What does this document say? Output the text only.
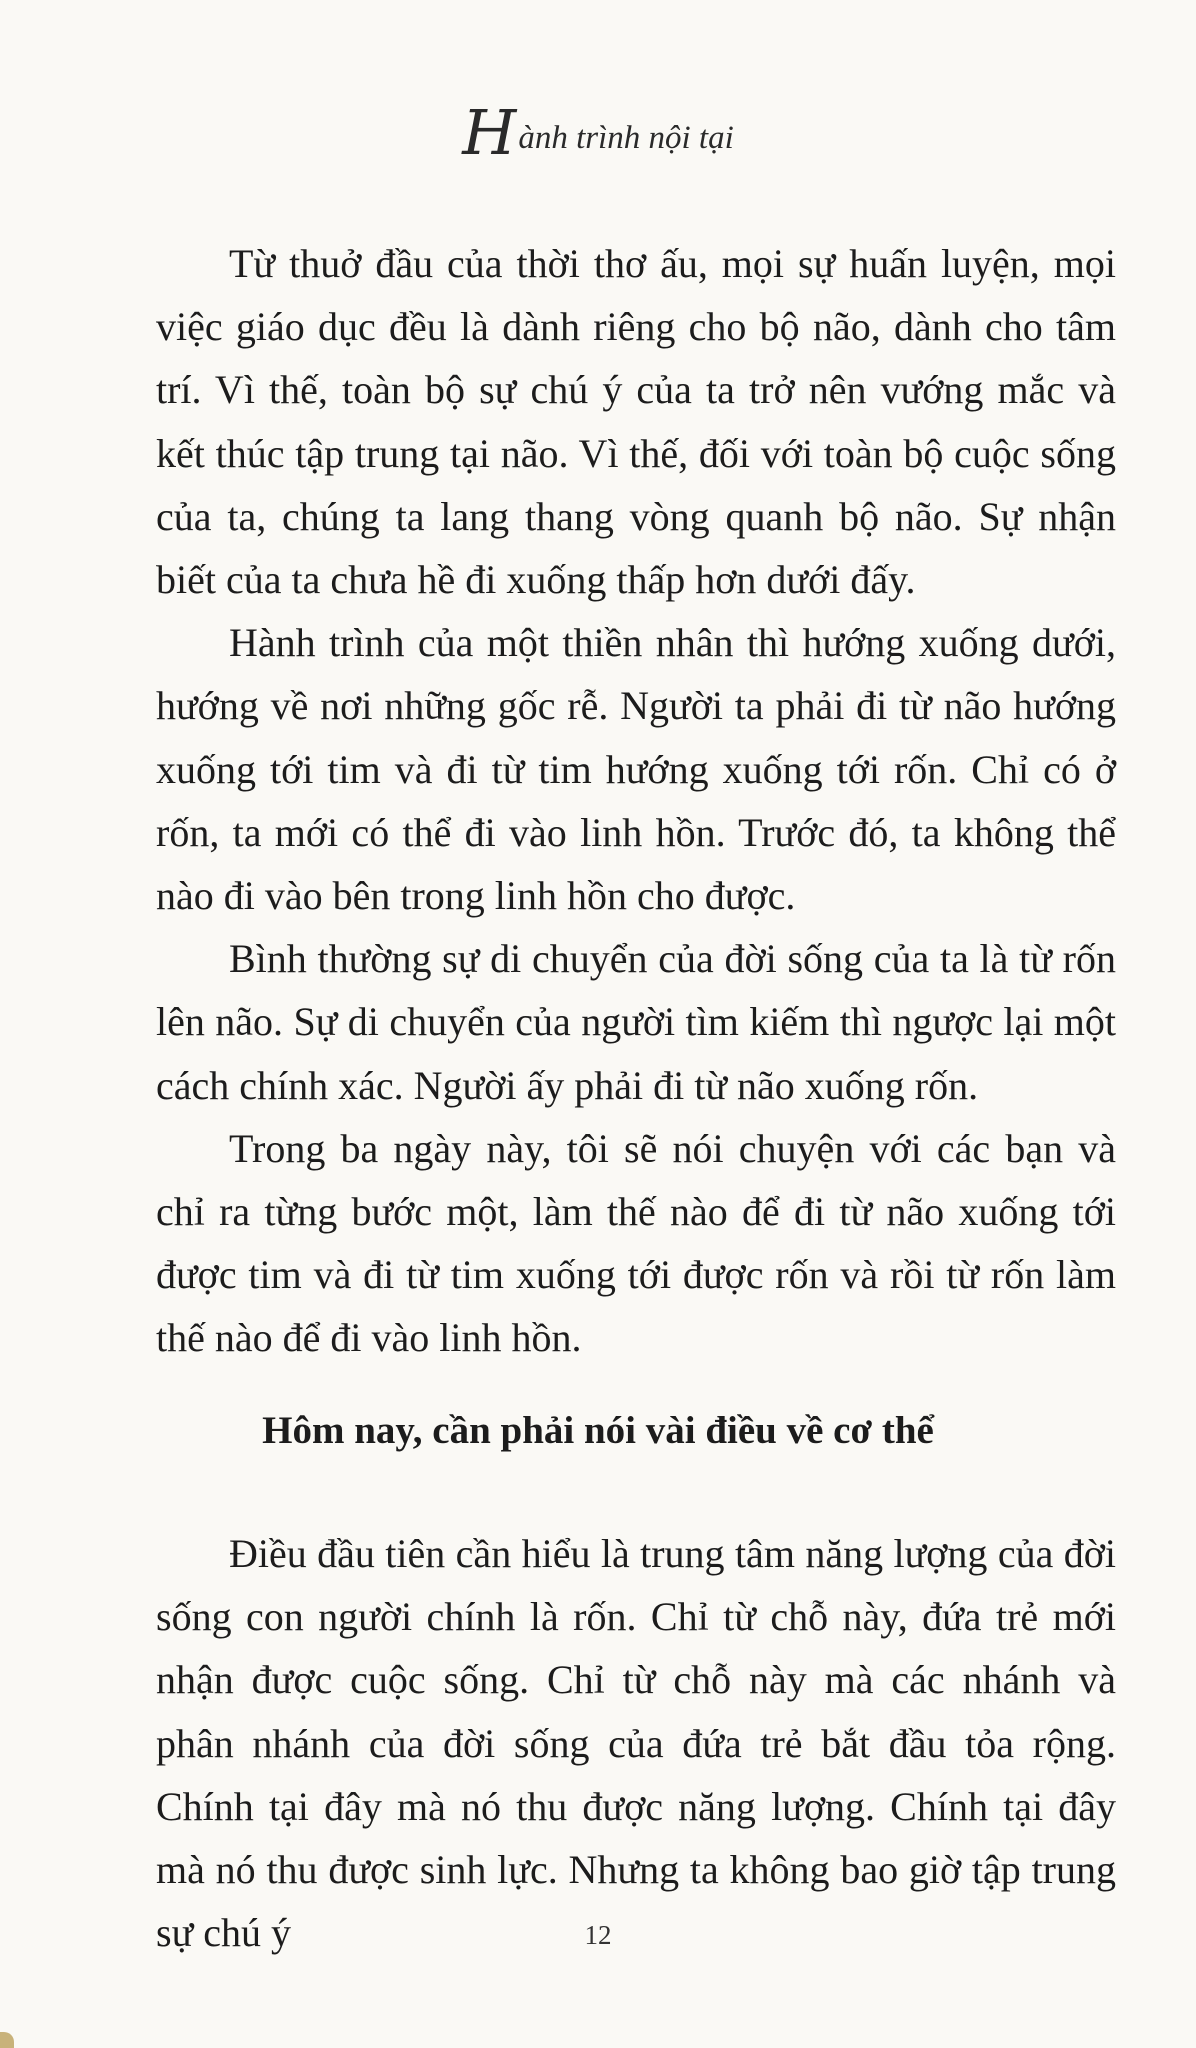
Hành trình nội tại

Từ thuở đầu của thời thơ ấu, mọi sự huấn luyện, mọi việc giáo dục đều là dành riêng cho bộ não, dành cho tâm trí. Vì thế, toàn bộ sự chú ý của ta trở nên vướng mắc và kết thúc tập trung tại não. Vì thế, đối với toàn bộ cuộc sống của ta, chúng ta lang thang vòng quanh bộ não. Sự nhận biết của ta chưa hề đi xuống thấp hơn dưới đấy.

Hành trình của một thiền nhân thì hướng xuống dưới, hướng về nơi những gốc rễ. Người ta phải đi từ não hướng xuống tới tim và đi từ tim hướng xuống tới rốn. Chỉ có ở rốn, ta mới có thể đi vào linh hồn. Trước đó, ta không thể nào đi vào bên trong linh hồn cho được.

Bình thường sự di chuyển của đời sống của ta là từ rốn lên não. Sự di chuyển của người tìm kiếm thì ngược lại một cách chính xác. Người ấy phải đi từ não xuống rốn.

Trong ba ngày này, tôi sẽ nói chuyện với các bạn và chỉ ra từng bước một, làm thế nào để đi từ não xuống tới được tim và đi từ tim xuống tới được rốn và rồi từ rốn làm thế nào để đi vào linh hồn.

Hôm nay, cần phải nói vài điều về cơ thể

Điều đầu tiên cần hiểu là trung tâm năng lượng của đời sống con người chính là rốn. Chỉ từ chỗ này, đứa trẻ mới nhận được cuộc sống. Chỉ từ chỗ này mà các nhánh và phân nhánh của đời sống của đứa trẻ bắt đầu tỏa rộng. Chính tại đây mà nó thu được năng lượng. Chính tại đây mà nó thu được sinh lực. Nhưng ta không bao giờ tập trung sự chú ý	12
